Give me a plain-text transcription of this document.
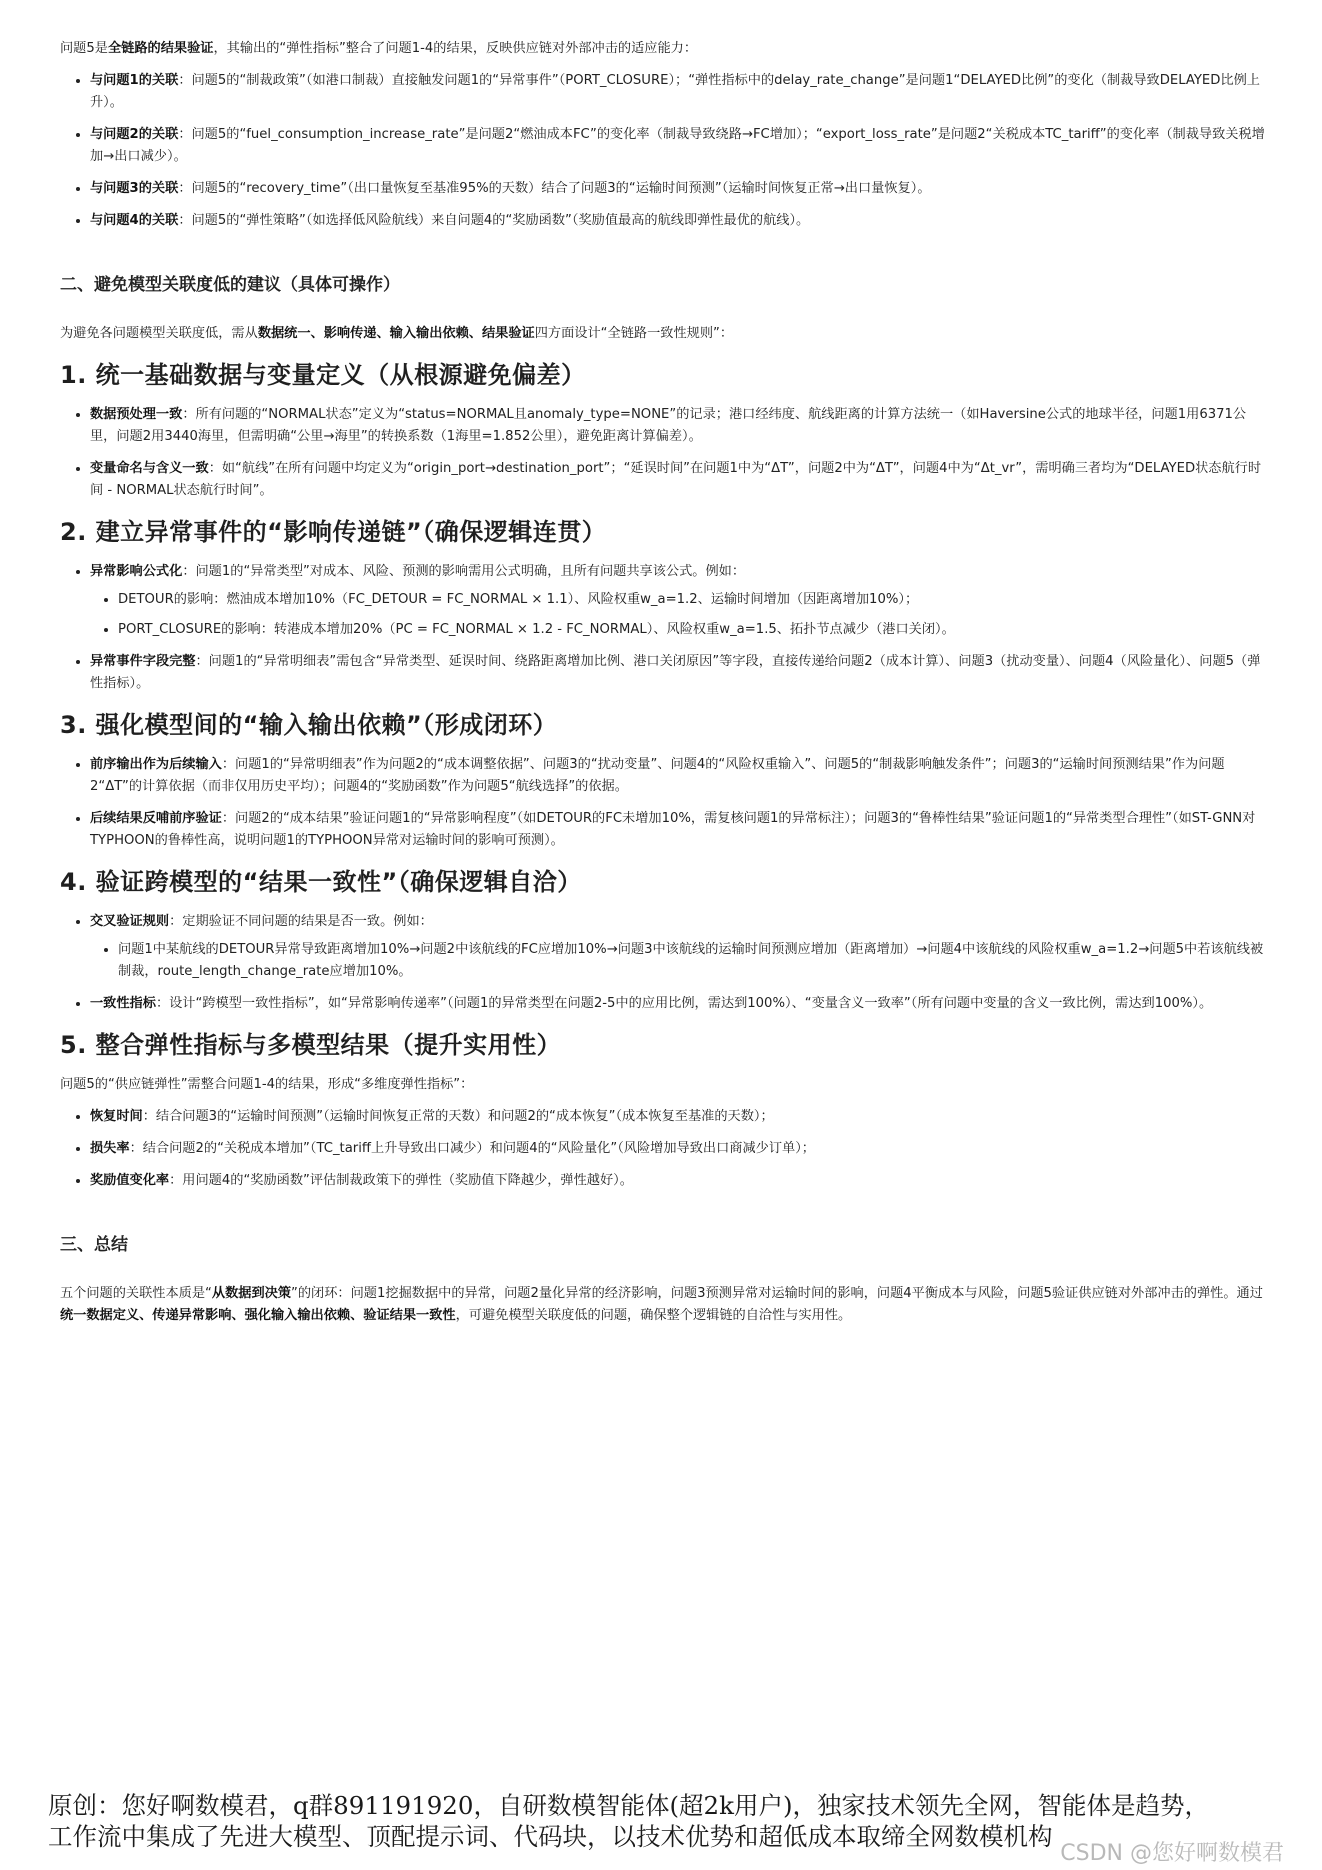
问题5是全链路的结果验证，其输出的“弹性指标”整合了问题1-4的结果，反映供应链对外部冲击的适应能力：

• 与问题1的关联：问题5的“制裁政策”（如港口制裁）直接触发问题1的“异常事件”（PORT_CLOSURE）；“弹性指标中的delay_rate_change”是问题1“DELAYED比例”的变化（制裁导致DELAYED比例上升）。
• 与问题2的关联：问题5的“fuel_consumption_increase_rate”是问题2“燃油成本FC”的变化率（制裁导致绕路→FC增加）；“export_loss_rate”是问题2“关税成本TC_tariff”的变化率（制裁导致关税增加→出口减少）。
• 与问题3的关联：问题5的“recovery_time”（出口量恢复至基准95%的天数）结合了问题3的“运输时间预测”（运输时间恢复正常→出口量恢复）。
• 与问题4的关联：问题5的“弹性策略”（如选择低风险航线）来自问题4的“奖励函数”（奖励值最高的航线即弹性最优的航线）。
二、避免模型关联度低的建议（具体可操作）

为避免各问题模型关联度低，需从数据统一、影响传递、输入输出依赖、结果验证四方面设计“全链路一致性规则”：

1. 统一基础数据与变量定义（从根源避免偏差）
• 数据预处理一致：所有问题的“NORMAL状态”定义为“status=NORMAL且anomaly_type=NONE”的记录；港口经纬度、航线距离的计算方法统一（如Haversine公式的地球半径，问题1用6371公里，问题2用3440海里，但需明确“公里→海里”的转换系数（1海里=1.852公里），避免距离计算偏差）。
• 变量命名与含义一致：如“航线”在所有问题中均定义为“origin_port→destination_port”；“延误时间”在问题1中为“ΔT”，问题2中为“ΔT”，问题4中为“Δt_vr”，需明确三者均为“DELAYED状态航行时间 - NORMAL状态航行时间”。
2. 建立异常事件的“影响传递链”（确保逻辑连贯）
• 异常影响公式化：问题1的“异常类型”对成本、风险、预测的影响需用公式明确，且所有问题共享该公式。例如：
• DETOUR的影响：燃油成本增加10%（FC_DETOUR = FC_NORMAL × 1.1）、风险权重w_a=1.2、运输时间增加（因距离增加10%）；
• PORT_CLOSURE的影响：转港成本增加20%（PC = FC_NORMAL × 1.2 - FC_NORMAL）、风险权重w_a=1.5、拓扑节点减少（港口关闭）。
• 异常事件字段完整：问题1的“异常明细表”需包含“异常类型、延误时间、绕路距离增加比例、港口关闭原因”等字段，直接传递给问题2（成本计算）、问题3（扰动变量）、问题4（风险量化）、问题5（弹性指标）。
3. 强化模型间的“输入输出依赖”（形成闭环）
• 前序输出作为后续输入：问题1的“异常明细表”作为问题2的“成本调整依据”、问题3的“扰动变量”、问题4的“风险权重输入”、问题5的“制裁影响触发条件”；问题3的“运输时间预测结果”作为问题2“ΔT”的计算依据（而非仅用历史平均）；问题4的“奖励函数”作为问题5“航线选择”的依据。
• 后续结果反哺前序验证：问题2的“成本结果”验证问题1的“异常影响程度”（如DETOUR的FC未增加10%，需复核问题1的异常标注）；问题3的“鲁棒性结果”验证问题1的“异常类型合理性”（如ST-GNN对TYPHOON的鲁棒性高，说明问题1的TYPHOON异常对运输时间的影响可预测）。
4. 验证跨模型的“结果一致性”（确保逻辑自洽）
• 交叉验证规则：定期验证不同问题的结果是否一致。例如：
• 问题1中某航线的DETOUR异常导致距离增加10%→问题2中该航线的FC应增加10%→问题3中该航线的运输时间预测应增加（距离增加）→问题4中该航线的风险权重w_a=1.2→问题5中若该航线被制裁，route_length_change_rate应增加10%。
• 一致性指标：设计“跨模型一致性指标”，如“异常影响传递率”（问题1的异常类型在问题2-5中的应用比例，需达到100%）、“变量含义一致率”（所有问题中变量的含义一致比例，需达到100%）。
5. 整合弹性指标与多模型结果（提升实用性）

问题5的“供应链弹性”需整合问题1-4的结果，形成“多维度弹性指标”：

• 恢复时间：结合问题3的“运输时间预测”（运输时间恢复正常的天数）和问题2的“成本恢复”（成本恢复至基准的天数）；
• 损失率：结合问题2的“关税成本增加”（TC_tariff上升导致出口减少）和问题4的“风险量化”（风险增加导致出口商减少订单）；
• 奖励值变化率：用问题4的“奖励函数”评估制裁政策下的弹性（奖励值下降越少，弹性越好）。
三、总结

五个问题的关联性本质是“从数据到决策”的闭环：问题1挖掘数据中的异常，问题2量化异常的经济影响，问题3预测异常对运输时间的影响，问题4平衡成本与风险，问题5验证供应链对外部冲击的弹性。通过统一数据定义、传递异常影响、强化输入输出依赖、验证结果一致性，可避免模型关联度低的问题，确保整个逻辑链的自洽性与实用性。

原创：您好啊数模君，q群891191920，自研数模智能体(超2k用户)，独家技术领先全网，智能体是趋势，
工作流中集成了先进大模型、顶配提示词、代码块，以技术优势和超低成本取缔全网数模机构
CSDN @您好啊数模君
